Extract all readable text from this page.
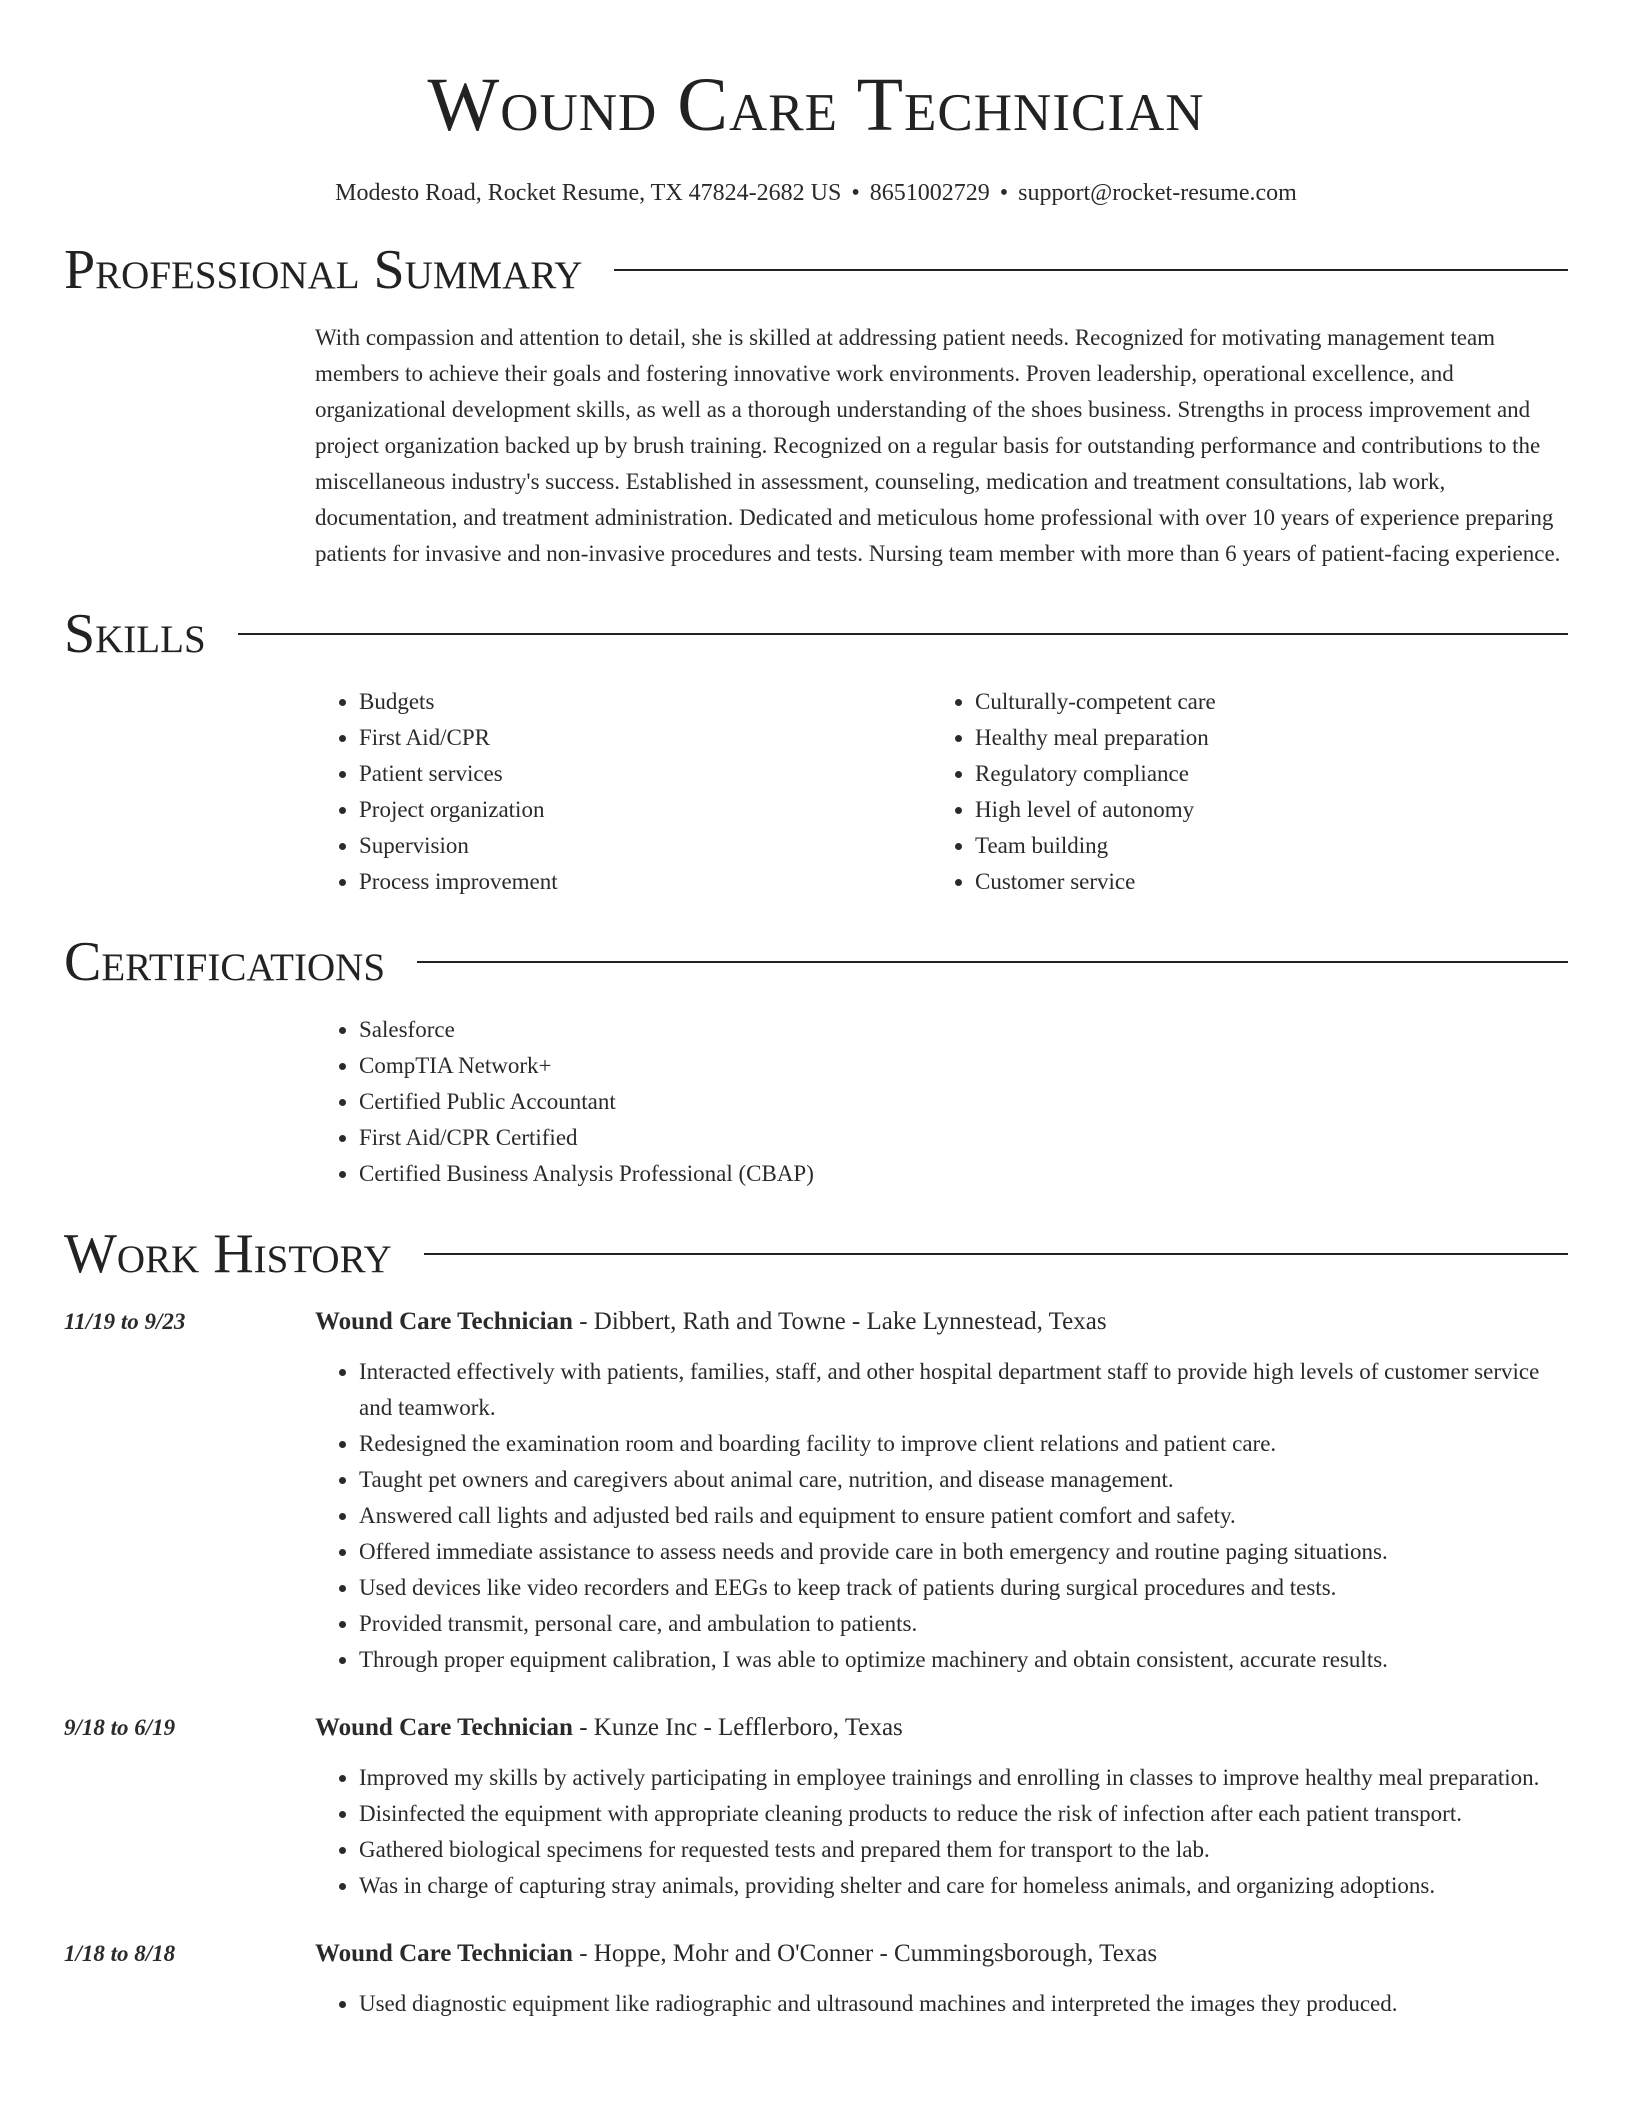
Wound Care Technician
Modesto Road, Rocket Resume, TX 47824-2682 US • 8651002729 • support@rocket-resume.com
Professional Summary
With compassion and attention to detail, she is skilled at addressing patient needs. Recognized for motivating management team members to achieve their goals and fostering innovative work environments. Proven leadership, operational excellence, and organizational development skills, as well as a thorough understanding of the shoes business. Strengths in process improvement and project organization backed up by brush training. Recognized on a regular basis for outstanding performance and contributions to the miscellaneous industry's success. Established in assessment, counseling, medication and treatment consultations, lab work, documentation, and treatment administration. Dedicated and meticulous home professional with over 10 years of experience preparing patients for invasive and non-invasive procedures and tests. Nursing team member with more than 6 years of patient-facing experience.
Skills
• Budgets
• First Aid/CPR
• Patient services
• Project organization
• Supervision
• Process improvement
• Culturally-competent care
• Healthy meal preparation
• Regulatory compliance
• High level of autonomy
• Team building
• Customer service
Certifications
• Salesforce
• CompTIA Network+
• Certified Public Accountant
• First Aid/CPR Certified
• Certified Business Analysis Professional (CBAP)
Work History
11/19 to 9/23	Wound Care Technician - Dibbert, Rath and Towne - Lake Lynnestead, Texas
• Interacted effectively with patients, families, staff, and other hospital department staff to provide high levels of customer service and teamwork.
• Redesigned the examination room and boarding facility to improve client relations and patient care.
• Taught pet owners and caregivers about animal care, nutrition, and disease management.
• Answered call lights and adjusted bed rails and equipment to ensure patient comfort and safety.
• Offered immediate assistance to assess needs and provide care in both emergency and routine paging situations.
• Used devices like video recorders and EEGs to keep track of patients during surgical procedures and tests.
• Provided transmit, personal care, and ambulation to patients.
• Through proper equipment calibration, I was able to optimize machinery and obtain consistent, accurate results.
9/18 to 6/19	Wound Care Technician - Kunze Inc - Lefflerboro, Texas
• Improved my skills by actively participating in employee trainings and enrolling in classes to improve healthy meal preparation.
• Disinfected the equipment with appropriate cleaning products to reduce the risk of infection after each patient transport.
• Gathered biological specimens for requested tests and prepared them for transport to the lab.
• Was in charge of capturing stray animals, providing shelter and care for homeless animals, and organizing adoptions.
1/18 to 8/18	Wound Care Technician - Hoppe, Mohr and O'Conner - Cummingsborough, Texas
• Used diagnostic equipment like radiographic and ultrasound machines and interpreted the images they produced.
